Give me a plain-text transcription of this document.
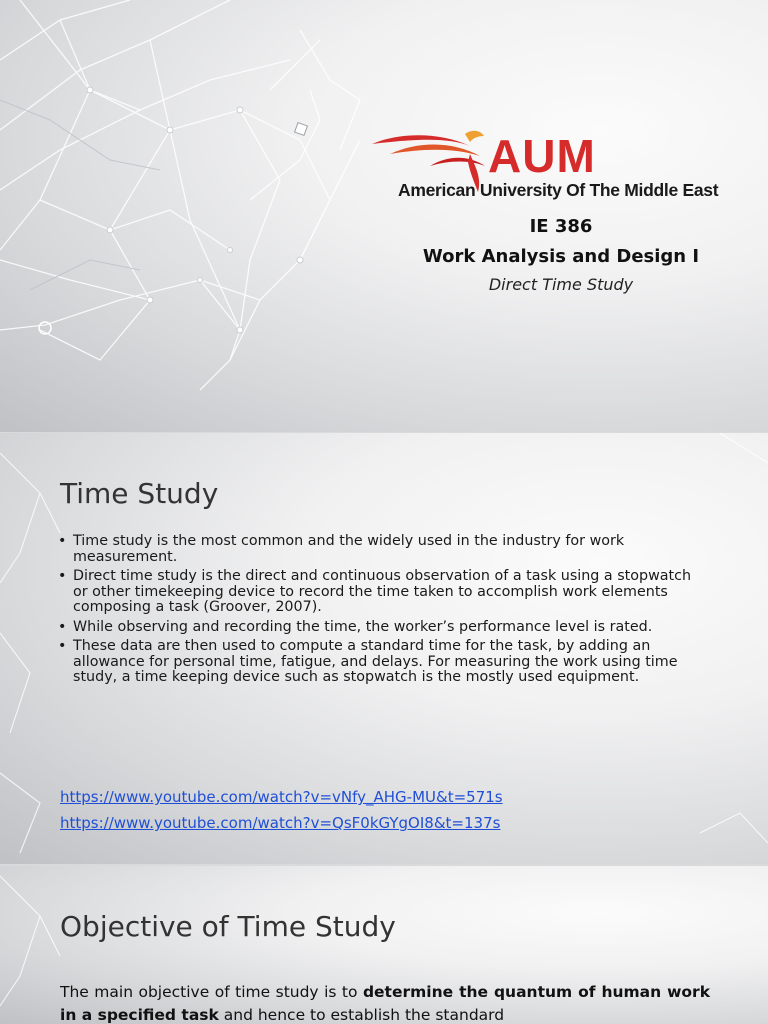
AUM
American University Of The Middle East
IE 386
Work Analysis and Design I
Direct Time Study
Time Study
• Time study is the most common and the widely used in the industry for work measurement.
• Direct time study is the direct and continuous observation of a task using a stopwatch or other timekeeping device to record the time taken to accomplish work elements composing a task (Groover, 2007).
• While observing and recording the time, the worker’s performance level is rated.
• These data are then used to compute a standard time for the task, by adding an allowance for personal time, fatigue, and delays. For measuring the work using time study, a time keeping device such as stopwatch is the mostly used equipment.
https://www.youtube.com/watch?v=vNfy_AHG-MU&t=571s
https://www.youtube.com/watch?v=QsF0kGYgOI8&t=137s
Objective of Time Study
The main objective of time study is to determine the quantum of human work in a specified task and hence to establish the standard
